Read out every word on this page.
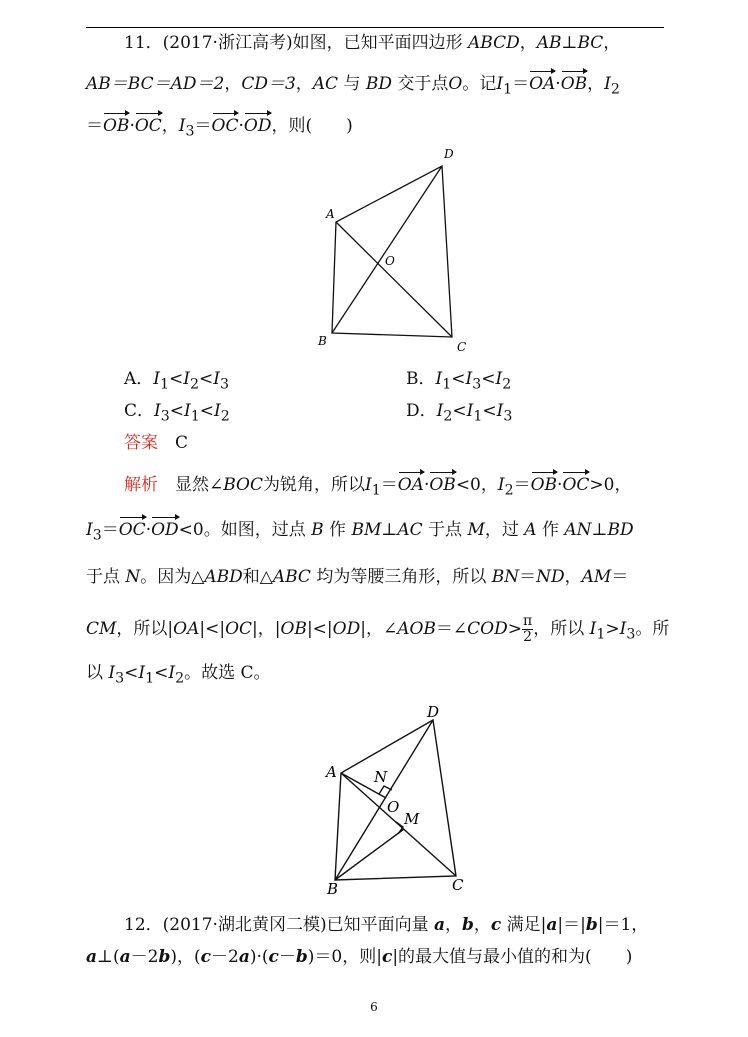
11．(2017·浙江高考)如图，已知平面四边形 ABCD，AB⊥BC，
AB＝BC＝AD＝2，CD＝3，AC 与 BD 交于点O。记$I_1=OA\cdot OB$，$I_2$
＝OB·OC，$I_3=OC\cdot OD$，则(　　)
D
A
O
B	C
A．$I_1<I_2<I_3$	B．$I_1<I_3<I_2$
C．$I_3<I_1<I_2$	D．$I_2<I_1<I_3$
答案　 C
解析　 显然∠BOC为锐角，所以$I_1=OA\cdot OB<0$，$I_2=OB\cdot OC>0$，
$I_3=OC\cdot OD<0$。如图，过点 B 作 BM⊥AC 于点 M，过 A 作 AN⊥BD
于点 N。因为△ABD和△ABC 均为等腰三角形，所以 BN＝ND，AM＝
CM，所以|OA|<|OC|，|OB|<|OD|，∠AOB＝∠COD> $\frac{\pi}{2}$ ，所以 $I_1>I_3$。所
以 $I_3<I_1<I_2$。故选 C。
D
A N
O
M
B	C
12．(2017·湖北黄冈二模)已知平面向量 a，b，c 满足|a|＝|b|＝1，
a⊥(a－2b)，(c－2a)·(c－b)＝0，则|c|的最大值与最小值的和为(　　)
6
